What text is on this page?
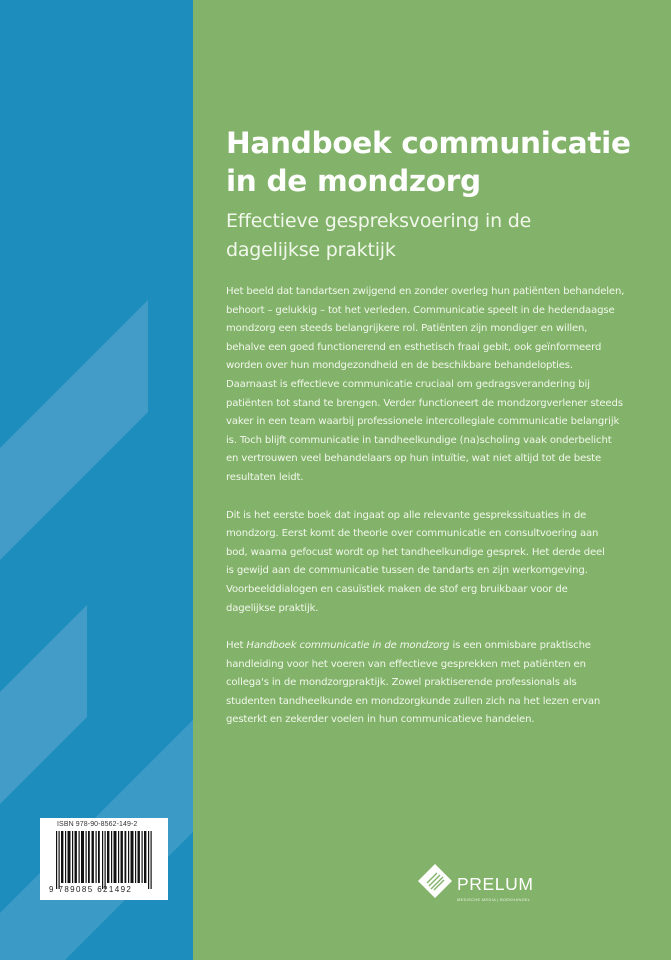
ISBN 978-90-8562-149-2
9 789085 621492
Handboek communicatie
in de mondzorg
Effectieve gespreksvoering in de
dagelijkse praktijk

Het beeld dat tandartsen zwijgend en zonder overleg hun patiënten behandelen,
behoort – gelukkig – tot het verleden. Communicatie speelt in de hedendaagse
mondzorg een steeds belangrijkere rol. Patiënten zijn mondiger en willen,
behalve een goed functionerend en esthetisch fraai gebit, ook geïnformeerd
worden over hun mondgezondheid en de beschikbare behandelopties.
Daarnaast is effectieve communicatie cruciaal om gedragsverandering bij
patiënten tot stand te brengen. Verder functioneert de mondzorgverlener steeds
vaker in een team waarbij professionele intercollegiale communicatie belangrijk
is. Toch blijft communicatie in tandheelkundige (na)scholing vaak onderbelicht
en vertrouwen veel behandelaars op hun intuïtie, wat niet altijd tot de beste
resultaten leidt.

Dit is het eerste boek dat ingaat op alle relevante gesprekssituaties in de
mondzorg. Eerst komt de theorie over communicatie en consultvoering aan
bod, waarna gefocust wordt op het tandheelkundige gesprek. Het derde deel
is gewijd aan de communicatie tussen de tandarts en zijn werkomgeving.
Voorbeelddialogen en casuïstiek maken de stof erg bruikbaar voor de
dagelijkse praktijk.

Het Handboek communicatie in de mondzorg is een onmisbare praktische
handleiding voor het voeren van effectieve gesprekken met patiënten en
collega's in de mondzorgpraktijk. Zowel praktiserende professionals als
studenten tandheelkunde en mondzorgkunde zullen zich na het lezen ervan
gesterkt en zekerder voelen in hun communicatieve handelen.

PRELUM
MEDISCHE MEDIA | BOEKHANDEL
